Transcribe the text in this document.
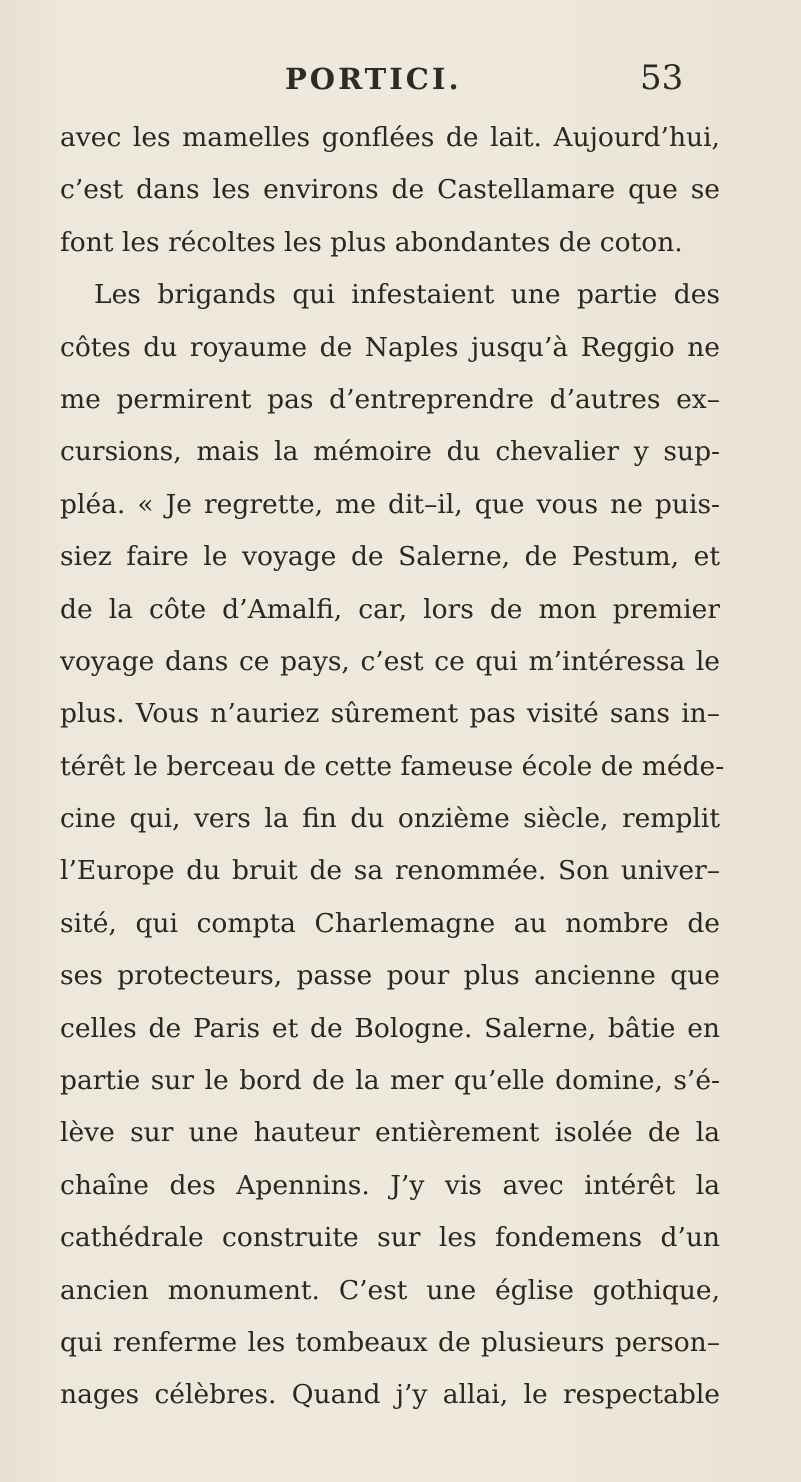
PORTICI.	53
avec les mamelles gonflées de lait. Aujourd’hui,
c’est dans les environs de Castellamare que se
font les récoltes les plus abondantes de coton.
Les brigands qui infestaient une partie des
côtes du royaume de Naples jusqu’à Reggio ne
me permirent pas d’entreprendre d’autres ex–
cursions, mais la mémoire du chevalier y sup-
pléa. « Je regrette, me dit–il, que vous ne puis-
siez faire le voyage de Salerne, de Pestum, et
de la côte d’Amalfi, car, lors de mon premier
voyage dans ce pays, c’est ce qui m’intéressa le
plus. Vous n’auriez sûrement pas visité sans in–
térêt le berceau de cette fameuse école de méde-
cine qui, vers la fin du onzième siècle, remplit
l’Europe du bruit de sa renommée. Son univer–
sité, qui compta Charlemagne au nombre de
ses protecteurs, passe pour plus ancienne que
celles de Paris et de Bologne. Salerne, bâtie en
partie sur le bord de la mer qu’elle domine, s’é-
lève sur une hauteur entièrement isolée de la
chaîne des Apennins. J’y vis avec intérêt la
cathédrale construite sur les fondemens d’un
ancien monument. C’est une église gothique,
qui renferme les tombeaux de plusieurs person–
nages célèbres. Quand j’y allai, le respectable
